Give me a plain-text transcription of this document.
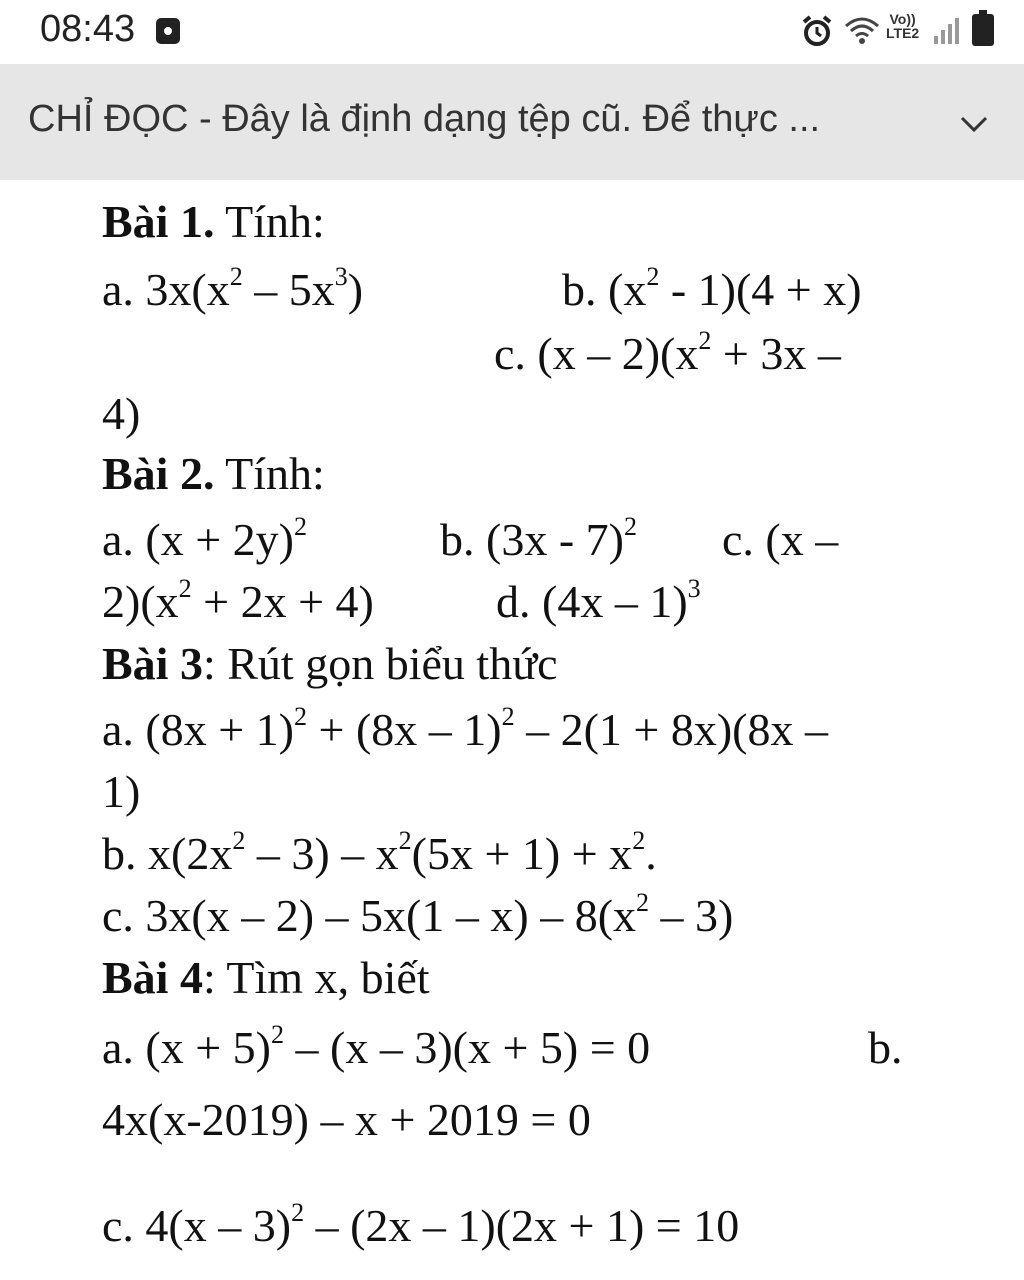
08:43	Vo))
LTE2
CHỈ ĐỌC - Đây là định dạng tệp cũ. Để thực ...
Bài 1. Tính:
a. $3x(x^2 - 5x^3)$	b. $(x^2 - 1)(4 + x)$
c. $(x - 2)(x^2 + 3x$ –
4)
Bài 2. Tính:
a. $(x + 2y)^2$	b. (3x - 7)$^2$ c. (x –
$2)(x^2 + 2x + 4)$	d. (4x – 1)$^3$
Bài 3: Rút gọn biểu thức
a. $(8x + 1)^2 + (8x - 1)^2 - 2(1 + 8x)(8x$ –
1)
b. $x(2x^2 - 3) - x^2(5x + 1) + x^2$.
c. $3x(x - 2) - 5x(1 - x) - 8(x^2 - 3)$
Bài 4: Tìm x, biết
a. $(x + 5)^2 - (x - 3)(x + 5) = 0$	b.
4x(x-2019) – x + 2019 = 0
c. 4(x – 3)$^2$ – (2x – 1)(2x + 1) = 10
